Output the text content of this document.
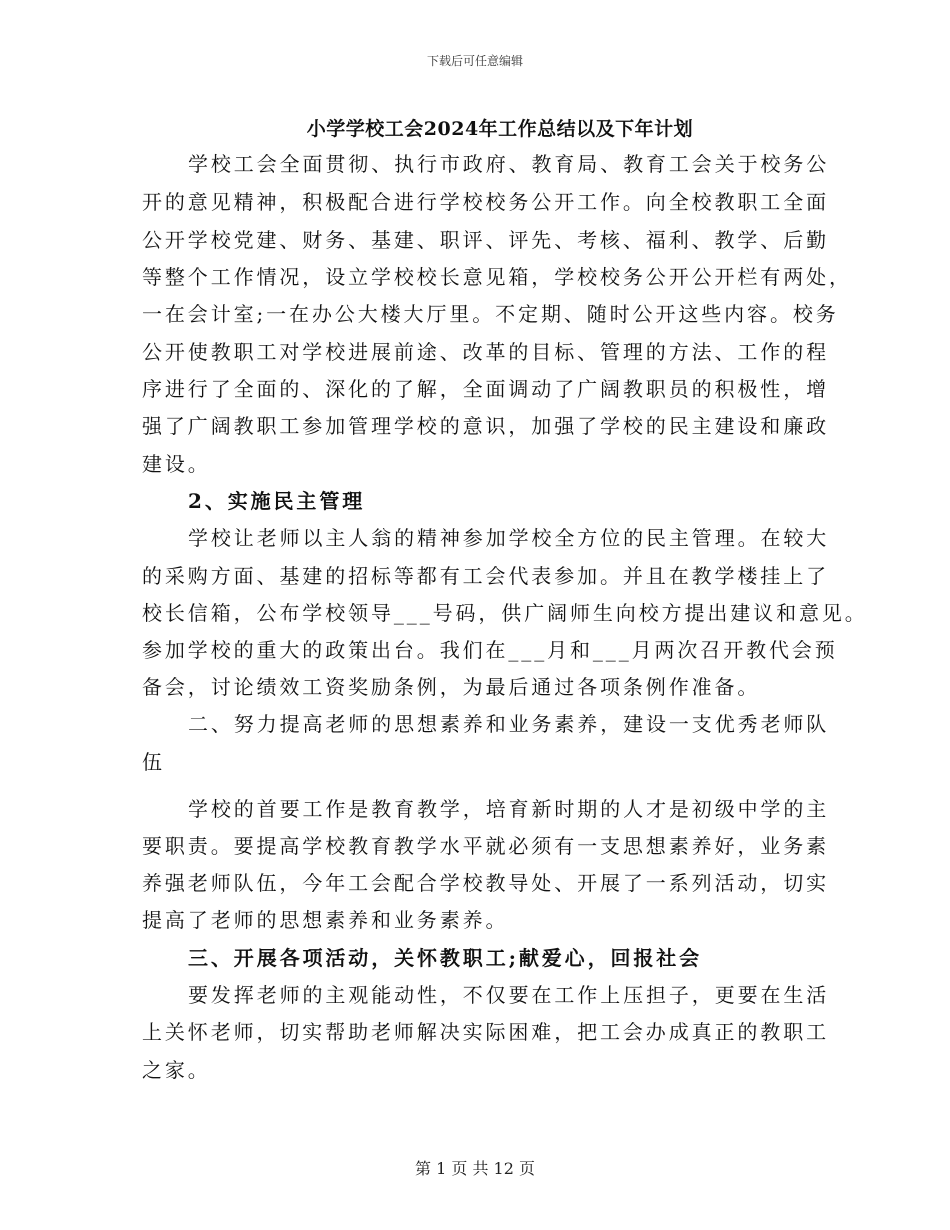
下载后可任意编辑
小学学校工会2024年工作总结以及下年计划
学校工会全面贯彻、执行市政府、教育局、教育工会关于校务公
开的意见精神，积极配合进行学校校务公开工作。向全校教职工全面
公开学校党建、财务、基建、职评、评先、考核、福利、教学、后勤
等整个工作情况，设立学校校长意见箱，学校校务公开公开栏有两处，
一在会计室;一在办公大楼大厅里。不定期、随时公开这些内容。校务
公开使教职工对学校进展前途、改革的目标、管理的方法、工作的程
序进行了全面的、深化的了解，全面调动了广阔教职员的积极性，增
强了广阔教职工参加管理学校的意识，加强了学校的民主建设和廉政
建设。
2、实施民主管理
学校让老师以主人翁的精神参加学校全方位的民主管理。在较大
的采购方面、基建的招标等都有工会代表参加。并且在教学楼挂上了
校长信箱，公布学校领导___号码，供广阔师生向校方提出建议和意见。
参加学校的重大的政策出台。我们在___月和___月两次召开教代会预
备会，讨论绩效工资奖励条例，为最后通过各项条例作准备。
二、努力提高老师的思想素养和业务素养，建设一支优秀老师队
伍
学校的首要工作是教育教学，培育新时期的人才是初级中学的主
要职责。要提高学校教育教学水平就必须有一支思想素养好，业务素
养强老师队伍，今年工会配合学校教导处、开展了一系列活动，切实
提高了老师的思想素养和业务素养。
三、开展各项活动，关怀教职工;献爱心，回报社会
要发挥老师的主观能动性，不仅要在工作上压担子，更要在生活
上关怀老师，切实帮助老师解决实际困难，把工会办成真正的教职工
之家。
第 1 页 共 12 页
